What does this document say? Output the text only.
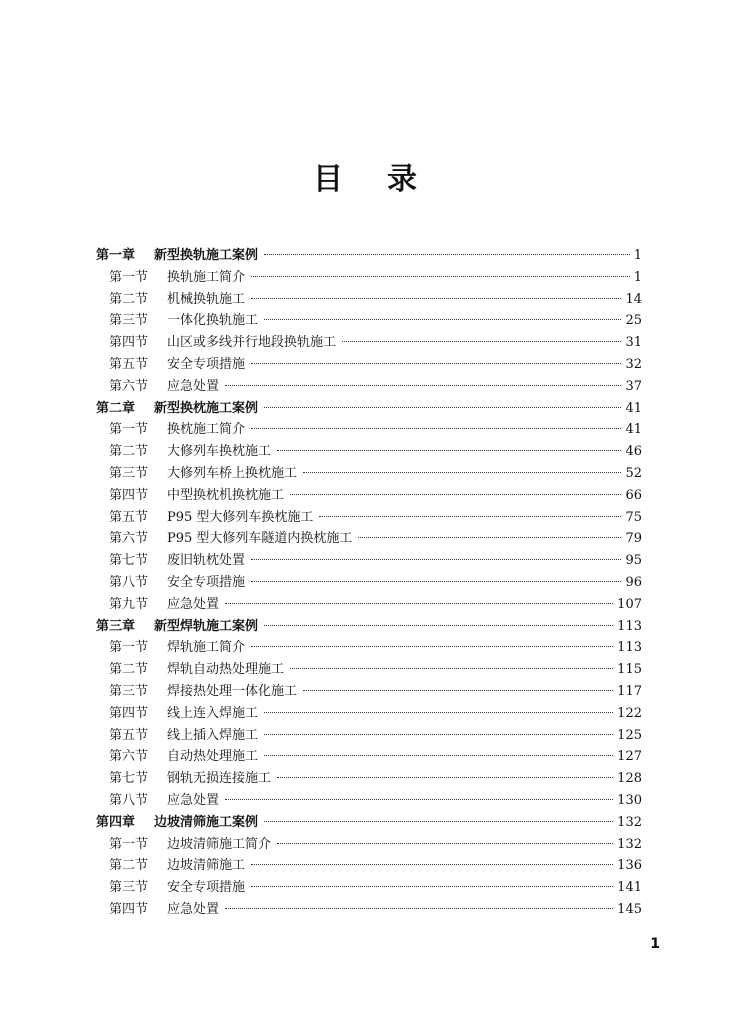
目录
第一章	新型换轨施工案例	1
第一节	换轨施工简介	1
第二节	机械换轨施工	14
第三节	一体化换轨施工	25
第四节	山区或多线并行地段换轨施工	31
第五节	安全专项措施	32
第六节	应急处置	37
第二章	新型换枕施工案例	41
第一节	换枕施工简介	41
第二节	大修列车换枕施工	46
第三节	大修列车桥上换枕施工	52
第四节	中型换枕机换枕施工	66
第五节	P95 型大修列车换枕施工	75
第六节	P95 型大修列车隧道内换枕施工	79
第七节	废旧轨枕处置	95
第八节	安全专项措施	96
第九节	应急处置	107
第三章	新型焊轨施工案例	113
第一节	焊轨施工简介	113
第二节	焊轨自动热处理施工	115
第三节	焊接热处理一体化施工	117
第四节	线上连入焊施工	122
第五节	线上插入焊施工	125
第六节	自动热处理施工	127
第七节	钢轨无损连接施工	128
第八节	应急处置	130
第四章	边坡清筛施工案例	132
第一节	边坡清筛施工简介	132
第二节	边坡清筛施工	136
第三节	安全专项措施	141
第四节	应急处置	145
1
